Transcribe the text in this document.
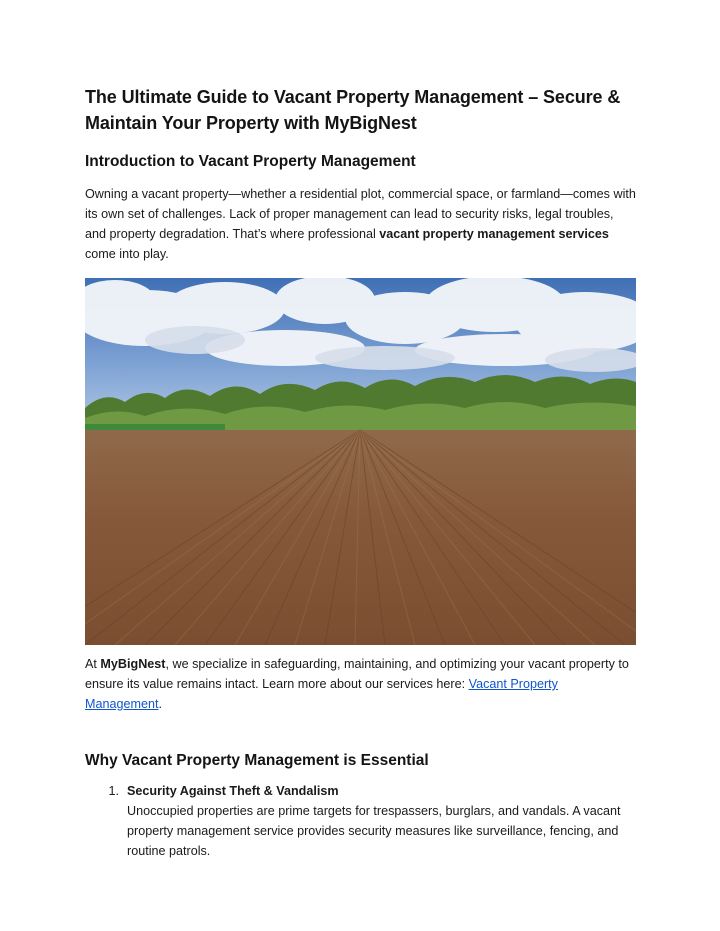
The Ultimate Guide to Vacant Property Management – Secure & Maintain Your Property with MyBigNest
Introduction to Vacant Property Management

Owning a vacant property—whether a residential plot, commercial space, or farmland—comes with its own set of challenges. Lack of proper management can lead to security risks, legal troubles, and property degradation. That’s where professional vacant property management services come into play.

At MyBigNest, we specialize in safeguarding, maintaining, and optimizing your vacant property to ensure its value remains intact. Learn more about our services here: Vacant Property Management.

Why Vacant Property Management is Essential
1. Security Against Theft & Vandalism
Unoccupied properties are prime targets for trespassers, burglars, and vandals. A vacant property management service provides security measures like surveillance, fencing, and routine patrols.
